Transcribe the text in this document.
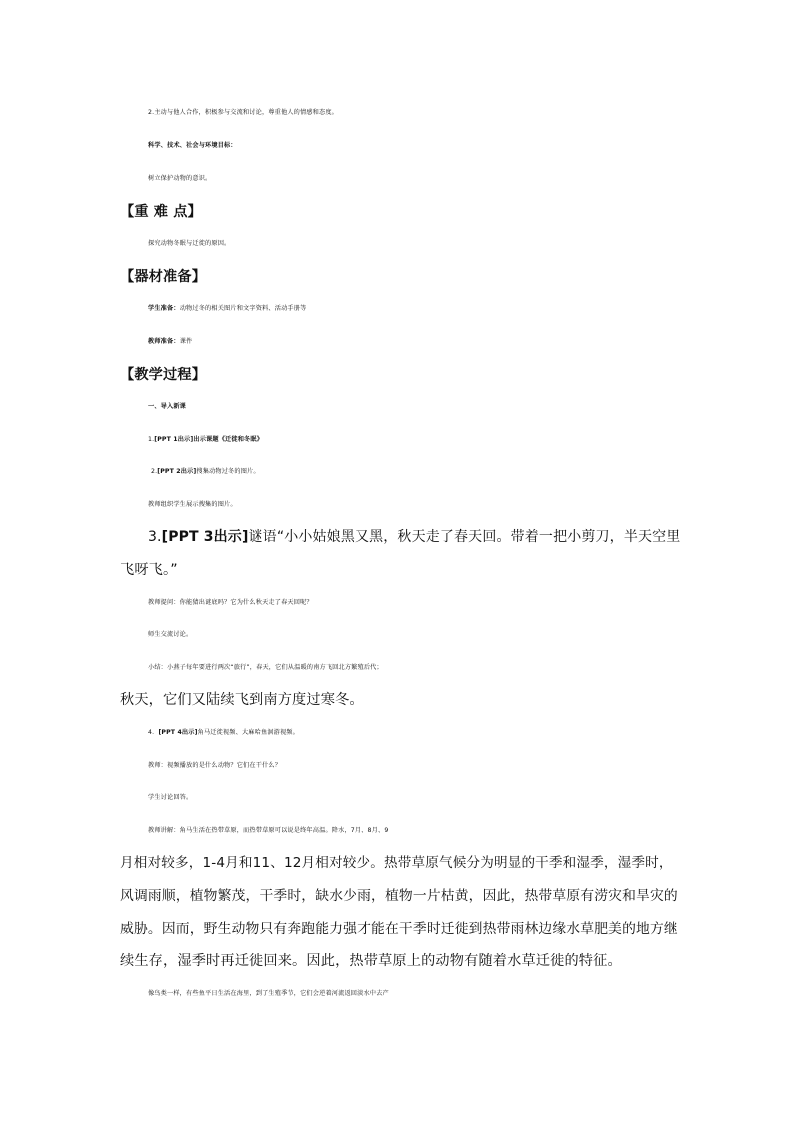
2.主动与他人合作，积极参与交流和讨论，尊重他人的情感和态度。
科学、技术、社会与环境目标：
树立保护动物的意识。
【重 难 点】
探究动物冬眠与迁徙的原因。
【器材准备】
学生准备：动物过冬的相关图片和文字资料、活动手册等
教师准备：课件
【教学过程】
一、导入新课
1.[PPT 1出示]出示课题《迁徙和冬眠》
2.[PPT 2出示]搜集动物过冬的图片。
教师组织学生展示搜集的图片。
3.[PPT 3出示]谜语“小小姑娘黑又黑，秋天走了春天回。带着一把小剪刀，半天空里
飞呀飞。”
教师提问：你能猜出谜底吗？它为什么秋天走了春天回呢？
师生交流讨论。
小结：小燕子每年要进行两次“旅行”，春天，它们从温暖的南方飞回北方繁殖后代；
秋天，它们又陆续飞到南方度过寒冬。
4．[PPT 4出示]角马迁徙视频、大麻哈鱼洄游视频。
教师：视频播放的是什么动物？它们在干什么？
学生讨论回答。
教师讲解：角马生活在热带草原，而热带草原可以说是终年高温。降水，7月、8月、9
月相对较多，1-4月和11、12月相对较少。热带草原气候分为明显的干季和湿季，湿季时，
风调雨顺，植物繁茂，干季时，缺水少雨，植物一片枯黄，因此，热带草原有涝灾和旱灾的
威胁。因而，野生动物只有奔跑能力强才能在干季时迁徙到热带雨林边缘水草肥美的地方继
续生存，湿季时再迁徙回来。因此，热带草原上的动物有随着水草迁徙的特征。
像鸟类一样，有些鱼平日生活在海里，到了生殖季节，它们会逆着河流返回淡水中去产
